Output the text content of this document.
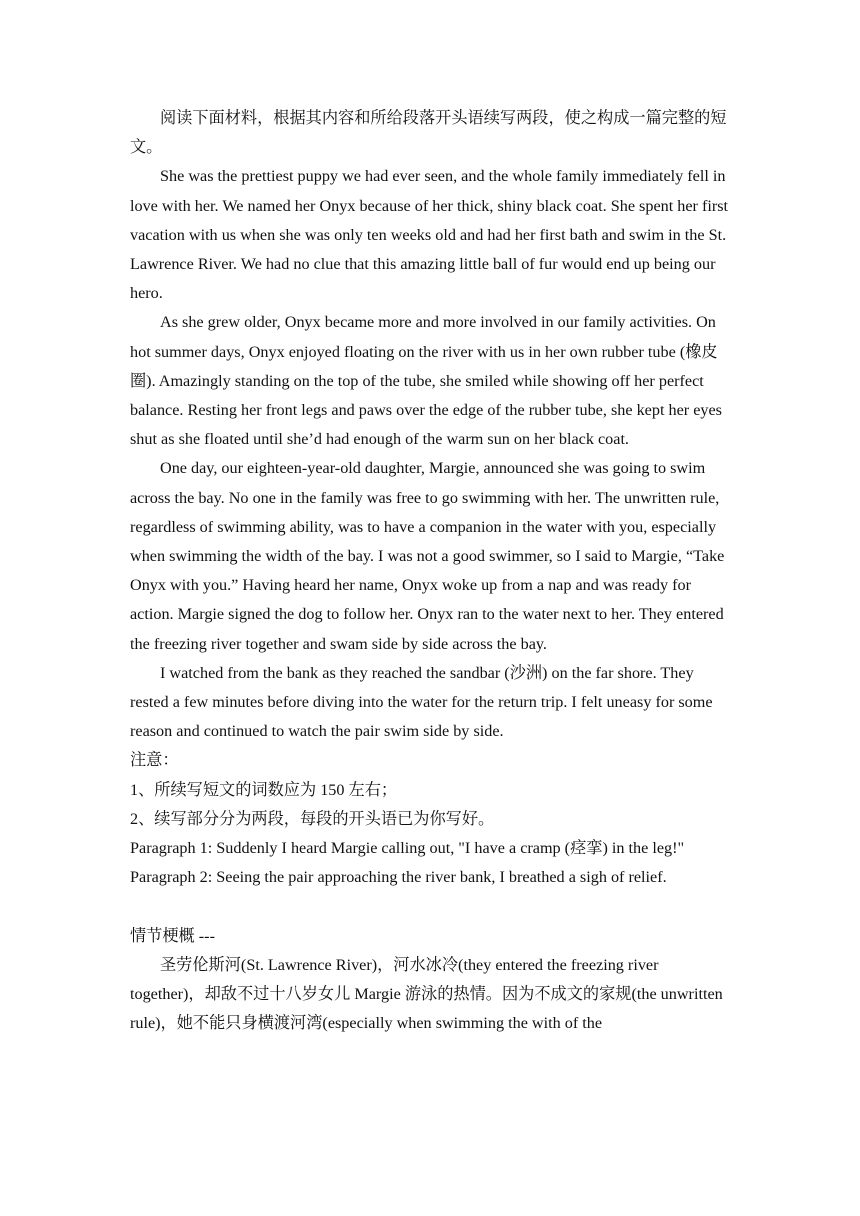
阅读下面材料，根据其内容和所给段落开头语续写两段，使之构成一篇完整的短文。

She was the prettiest puppy we had ever seen, and the whole family immediately fell in love with her. We named her Onyx because of her thick, shiny black coat. She spent her first vacation with us when she was only ten weeks old and had her first bath and swim in the St. Lawrence River. We had no clue that this amazing little ball of fur would end up being our hero.

As she grew older, Onyx became more and more involved in our family activities. On hot summer days, Onyx enjoyed floating on the river with us in her own rubber tube (橡皮圈). Amazingly standing on the top of the tube, she smiled while showing off her perfect balance. Resting her front legs and paws over the edge of the rubber tube, she kept her eyes shut as she floated until she’d had enough of the warm sun on her black coat.

One day, our eighteen-year-old daughter, Margie, announced she was going to swim across the bay. No one in the family was free to go swimming with her. The unwritten rule, regardless of swimming ability, was to have a companion in the water with you, especially when swimming the width of the bay. I was not a good swimmer, so I said to Margie, “Take Onyx with you.” Having heard her name, Onyx woke up from a nap and was ready for action. Margie signed the dog to follow her. Onyx ran to the water next to her. They entered the freezing river together and swam side by side across the bay.

I watched from the bank as they reached the sandbar (沙洲) on the far shore. They rested a few minutes before diving into the water for the return trip. I felt uneasy for some reason and continued to watch the pair swim side by side.

注意：

1、所续写短文的词数应为 150 左右；

2、续写部分分为两段，每段的开头语已为你写好。

Paragraph 1: Suddenly I heard Margie calling out, "I have a cramp (痉挛) in the leg!"

Paragraph 2: Seeing the pair approaching the river bank, I breathed a sigh of relief.

情节梗概 ---

圣劳伦斯河(St. Lawrence River)，河水冰冷(they entered the freezing river together)，却敌不过十八岁女儿 Margie 游泳的热情。因为不成文的家规(the unwritten rule)，她不能只身横渡河湾(especially when swimming the with of the
